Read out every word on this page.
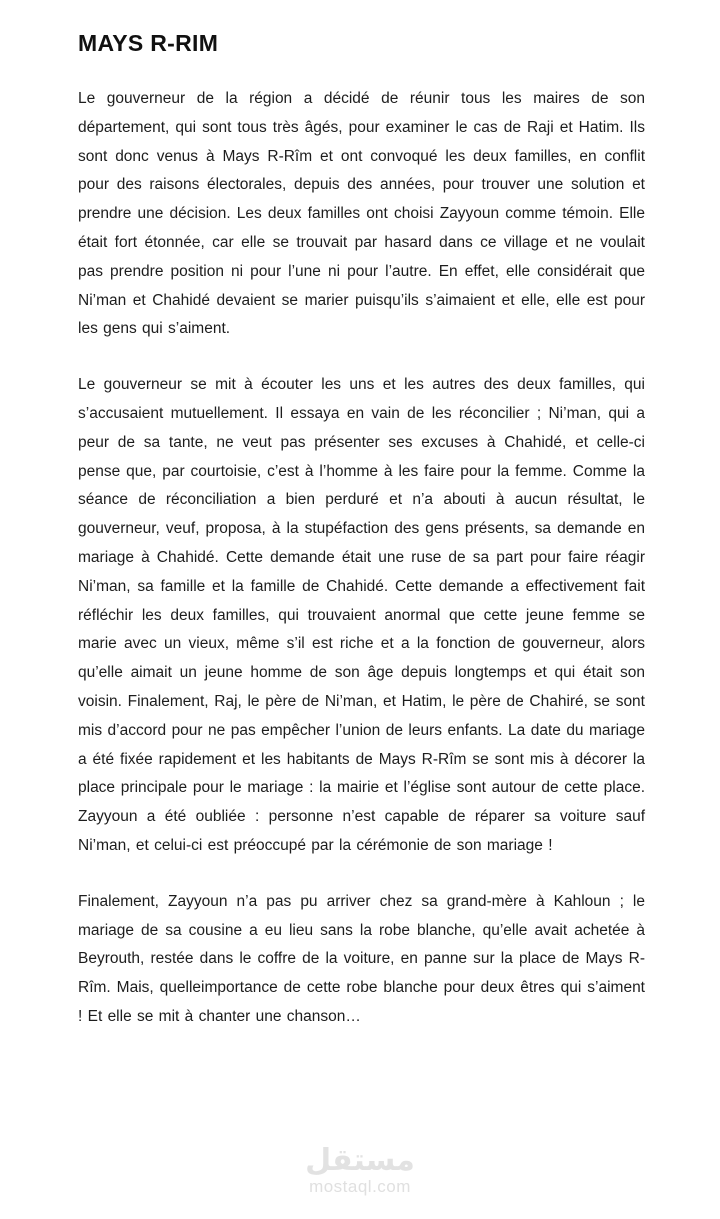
MAYS R-RIM

Le gouverneur de la région a décidé de réunir tous les maires de son département, qui sont tous très âgés, pour examiner le cas de Raji et Hatim. Ils sont donc venus à Mays R-Rîm et ont convoqué les deux familles, en conflit pour des raisons électorales, depuis des années, pour trouver une solution et prendre une décision. Les deux familles ont choisi Zayyoun comme témoin. Elle était fort étonnée, car elle se trouvait par hasard dans ce village et ne voulait pas prendre position ni pour l’une ni pour l’autre. En effet, elle considérait que Ni’man et Chahidé devaient se marier puisqu’ils s’aimaient et elle, elle est pour les gens qui s’aiment.

Le gouverneur se mit à écouter les uns et les autres des deux familles, qui s’accusaient mutuellement. Il essaya en vain de les réconcilier ; Ni’man, qui a peur de sa tante, ne veut pas présenter ses excuses à Chahidé, et celle-ci pense que, par courtoisie, c’est à l’homme à les faire pour la femme. Comme la séance de réconciliation a bien perduré et n’a abouti à aucun résultat, le gouverneur, veuf, proposa, à la stupéfaction des gens présents, sa demande en mariage à Chahidé. Cette demande était une ruse de sa part pour faire réagir Ni’man, sa famille et la famille de Chahidé. Cette demande a effectivement fait réfléchir les deux familles, qui trouvaient anormal que cette jeune femme se marie avec un vieux, même s’il est riche et a la fonction de gouverneur, alors qu’elle aimait un jeune homme de son âge depuis longtemps et qui était son voisin. Finalement, Raj, le père de Ni’man, et Hatim, le père de Chahiré, se sont mis d’accord pour ne pas empêcher l’union de leurs enfants. La date du mariage a été fixée rapidement et les habitants de Mays R-Rîm se sont mis à décorer la place principale pour le mariage : la mairie et l’église sont autour de cette place. Zayyoun a été oubliée : personne n’est capable de réparer sa voiture sauf Ni’man, et celui-ci est préoccupé par la cérémonie de son mariage !

Finalement, Zayyoun n’a pas pu arriver chez sa grand-mère à Kahloun ; le mariage de sa cousine a eu lieu sans la robe blanche, qu’elle avait achetée à Beyrouth, restée dans le coffre de la voiture, en panne sur la place de Mays R-Rîm. Mais, quelleimportance de cette robe blanche pour deux êtres qui s’aiment ! Et elle se mit à chanter une chanson…

مستقل
mostaql.com
